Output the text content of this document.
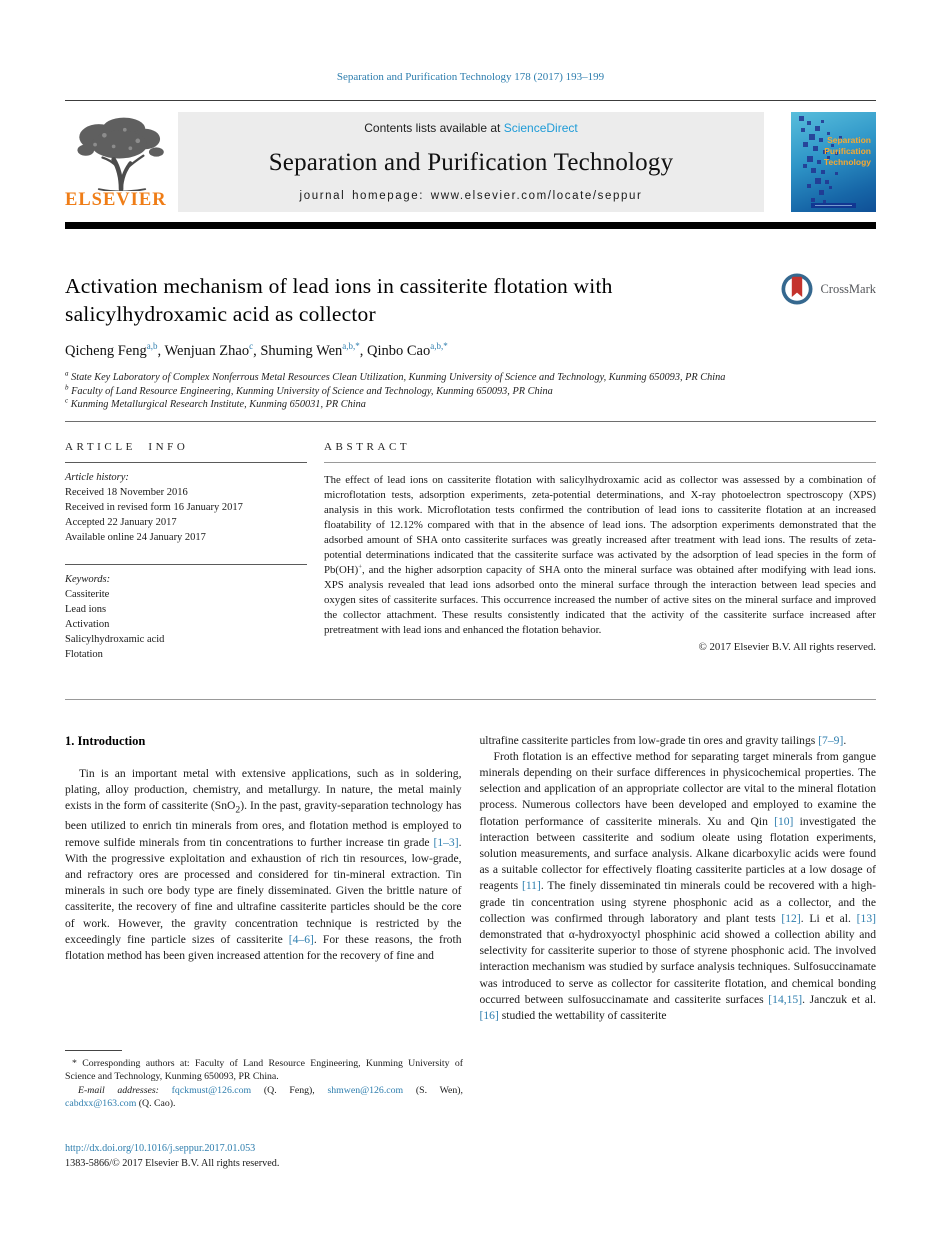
Separation and Purification Technology 178 (2017) 193–199
ELSEVIER
Contents lists available at ScienceDirect
Separation and Purification Technology
journal homepage: www.elsevier.com/locate/seppur
Separation
Purification
Technology
Activation mechanism of lead ions in cassiterite flotation with salicylhydroxamic acid as collector
CrossMark
Qicheng Feng$^{a,b}$, Wenjuan Zhao$^c$, Shuming Wen$^{a,b,*}$, Qinbo Cao$^{a,b,*}$
$^a$ State Key Laboratory of Complex Nonferrous Metal Resources Clean Utilization, Kunming University of Science and Technology, Kunming 650093, PR China
$^b$ Faculty of Land Resource Engineering, Kunming University of Science and Technology, Kunming 650093, PR China
$^c$ Kunming Metallurgical Research Institute, Kunming 650031, PR China
ARTICLE INFO
Article history:
Received 18 November 2016
Received in revised form 16 January 2017
Accepted 22 January 2017
Available online 24 January 2017
Keywords:
Cassiterite
Lead ions
Activation
Salicylhydroxamic acid
Flotation
ABSTRACT

The effect of lead ions on cassiterite flotation with salicylhydroxamic acid as collector was assessed by a combination of microflotation tests, adsorption experiments, zeta-potential determinations, and X-ray photoelectron spectroscopy (XPS) analysis in this work. Microflotation tests confirmed the contribution of lead ions to cassiterite flotation at an increased floatability of 12.12% compared with that in the absence of lead ions. The adsorption experiments demonstrated that the adsorbed amount of SHA onto cassiterite surfaces was greatly increased after treatment with lead ions. The results of zeta-potential determinations indicated that the cassiterite surface was activated by the adsorption of lead species in the form of Pb(OH)+, and the higher adsorption capacity of SHA onto the mineral surface was obtained after modifying with lead ions. XPS analysis revealed that lead ions adsorbed onto the mineral surface through the interaction between lead species and oxygen sites of cassiterite surfaces. This occurrence increased the number of active sites on the mineral surface and improved the collector attachment. These results consistently indicated that the activity of the cassiterite surface increased after pretreatment with lead ions and enhanced the flotation behavior.

© 2017 Elsevier B.V. All rights reserved.
1. Introduction

Tin is an important metal with extensive applications, such as in soldering, plating, alloy production, chemistry, and metallurgy. In nature, the metal mainly exists in the form of cassiterite (SnO$_2$). In the past, gravity-separation technology has been utilized to enrich tin minerals from ores, and flotation method is employed to remove sulfide minerals from tin concentrations to further increase tin grade [1–3]. With the progressive exploitation and exhaustion of rich tin resources, low-grade, and refractory ores are processed and considered for tin-mineral extraction. Tin minerals in such ore body type are finely disseminated. Given the brittle nature of cassiterite, the recovery of fine and ultrafine cassiterite particles should be the core of work. However, the gravity concentration technique is restricted by the exceedingly fine particle sizes of cassiterite [4–6]. For these reasons, the froth flotation method has been given increased attention for the recovery of fine and

ultrafine cassiterite particles from low-grade tin ores and gravity tailings [7–9].

Froth flotation is an effective method for separating target minerals from gangue minerals depending on their surface differences in physicochemical properties. The selection and application of an appropriate collector are vital to the mineral flotation process. Numerous collectors have been developed and employed to examine the flotation performance of cassiterite minerals. Xu and Qin [10] investigated the interaction between cassiterite and sodium oleate using flotation experiments, solution measurements, and surface analysis. Alkane dicarboxylic acids were found as a suitable collector for effectively floating cassiterite particles at a low dosage of reagents [11]. The finely disseminated tin minerals could be recovered with a high-grade tin concentration using styrene phosphonic acid as a collector, and the collection was confirmed through laboratory and plant tests [12]. Li et al. [13] demonstrated that α-hydroxyoctyl phosphinic acid showed a collection ability and selectivity for cassiterite superior to those of styrene phosphonic acid. The involved interaction mechanism was studied by surface analysis techniques. Sulfosuccinamate was introduced to serve as collector for cassiterite flotation, and chemical bonding occurred between sulfosuccinamate and cassiterite surfaces [14,15]. Janczuk et al. [16] studied the wettability of cassiterite

* Corresponding authors at: Faculty of Land Resource Engineering, Kunming University of Science and Technology, Kunming 650093, PR China.

E-mail addresses: fqckmust@126.com (Q. Feng), shmwen@126.com (S. Wen), cabdxx@163.com (Q. Cao).

http://dx.doi.org/10.1016/j.seppur.2017.01.053
1383-5866/© 2017 Elsevier B.V. All rights reserved.
